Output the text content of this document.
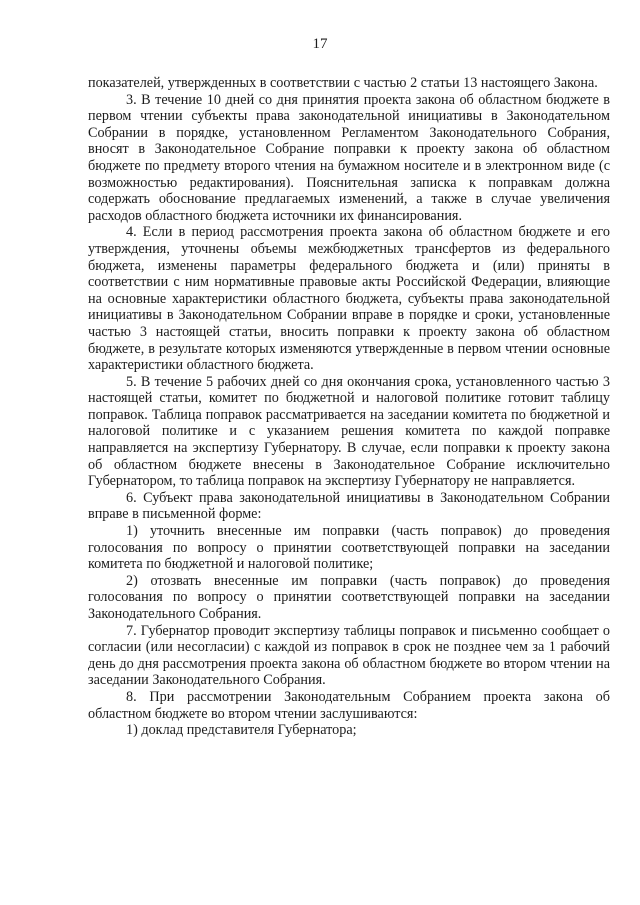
17

показателей, утвержденных в соответствии с частью 2 статьи 13 настоящего Закона.

3. В течение 10 дней со дня принятия проекта закона об областном бюджете в первом чтении субъекты права законодательной инициативы в Законодательном Собрании в порядке, установленном Регламентом Законодательного Собрания, вносят в Законодательное Собрание поправки к проекту закона об областном бюджете по предмету второго чтения на бумажном носителе и в электронном виде (с возможностью редактирования). Пояснительная записка к поправкам должна содержать обоснование предлагаемых изменений, а также в случае увеличения расходов областного бюджета источники их финансирования.

4. Если в период рассмотрения проекта закона об областном бюджете и его утверждения, уточнены объемы межбюджетных трансфертов из федерального бюджета, изменены параметры федерального бюджета и (или) приняты в соответствии с ним нормативные правовые акты Российской Федерации, влияющие на основные характеристики областного бюджета, субъекты права законодательной инициативы в Законодательном Собрании вправе в порядке и сроки, установленные частью 3 настоящей статьи, вносить поправки к проекту закона об областном бюджете, в результате которых изменяются утвержденные в первом чтении основные характеристики областного бюджета.

5. В течение 5 рабочих дней со дня окончания срока, установленного частью 3 настоящей статьи, комитет по бюджетной и налоговой политике готовит таблицу поправок. Таблица поправок рассматривается на заседании комитета по бюджетной и налоговой политике и с указанием решения комитета по каждой поправке направляется на экспертизу Губернатору. В случае, если поправки к проекту закона об областном бюджете внесены в Законодательное Собрание исключительно Губернатором, то таблица поправок на экспертизу Губернатору не направляется.

6. Субъект права законодательной инициативы в Законодательном Собрании вправе в письменной форме:

1) уточнить внесенные им поправки (часть поправок) до проведения голосования по вопросу о принятии соответствующей поправки на заседании комитета по бюджетной и налоговой политике;

2) отозвать внесенные им поправки (часть поправок) до проведения голосования по вопросу о принятии соответствующей поправки на заседании Законодательного Собрания.

7. Губернатор проводит экспертизу таблицы поправок и письменно сообщает о согласии (или несогласии) с каждой из поправок в срок не позднее чем за 1 рабочий день до дня рассмотрения проекта закона об областном бюджете во втором чтении на заседании Законодательного Собрания.

8. При рассмотрении Законодательным Собранием проекта закона об областном бюджете во втором чтении заслушиваются:

1) доклад представителя Губернатора;
